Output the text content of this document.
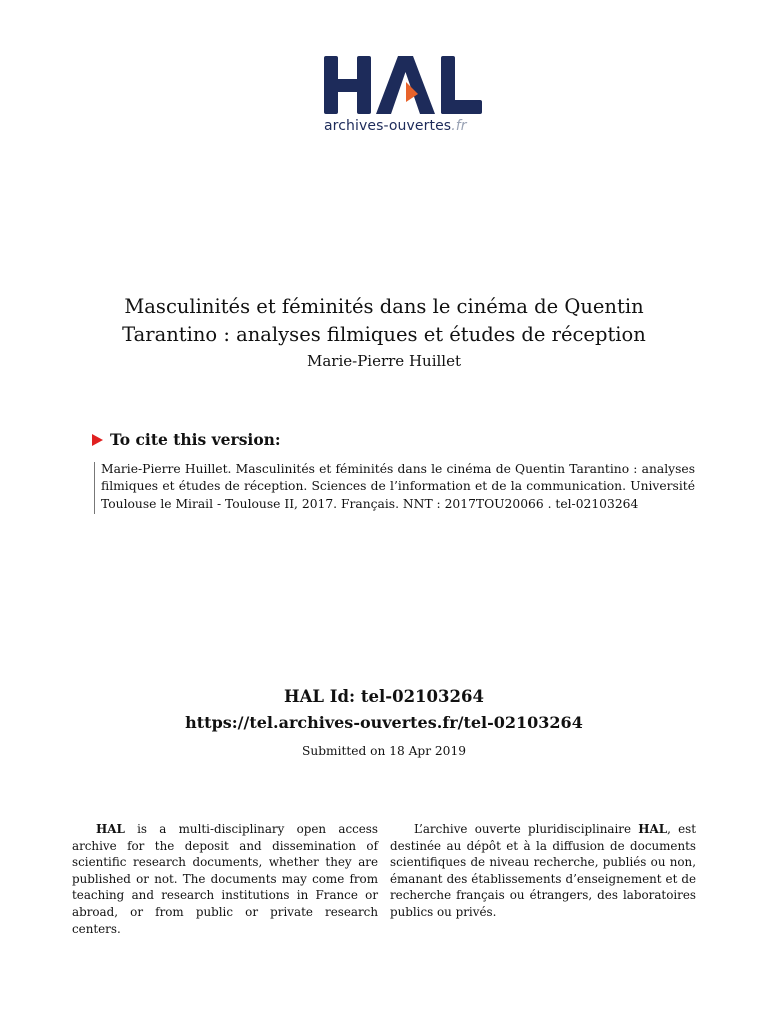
archives-ouvertes.fr
Masculinités et féminités dans le cinéma de Quentin
Tarantino : analyses filmiques et études de réception
Marie-Pierre Huillet
To cite this version:
Marie-Pierre Huillet. Masculinités et féminités dans le cinéma de Quentin Tarantino : analyses filmiques et études de réception. Sciences de l’information et de la communication. Université Toulouse le Mirail - Toulouse II, 2017. Français. NNT : 2017TOU20066 . tel-02103264
HAL Id: tel-02103264
https://tel.archives-ouvertes.fr/tel-02103264
Submitted on 18 Apr 2019

HAL is a multi-disciplinary open access archive for the deposit and dissemination of scientific research documents, whether they are published or not. The documents may come from teaching and research institutions in France or abroad, or from public or private research centers.

L’archive ouverte pluridisciplinaire HAL, est destinée au dépôt et à la diffusion de documents scientifiques de niveau recherche, publiés ou non, émanant des établissements d’enseignement et de recherche français ou étrangers, des laboratoires publics ou privés.
